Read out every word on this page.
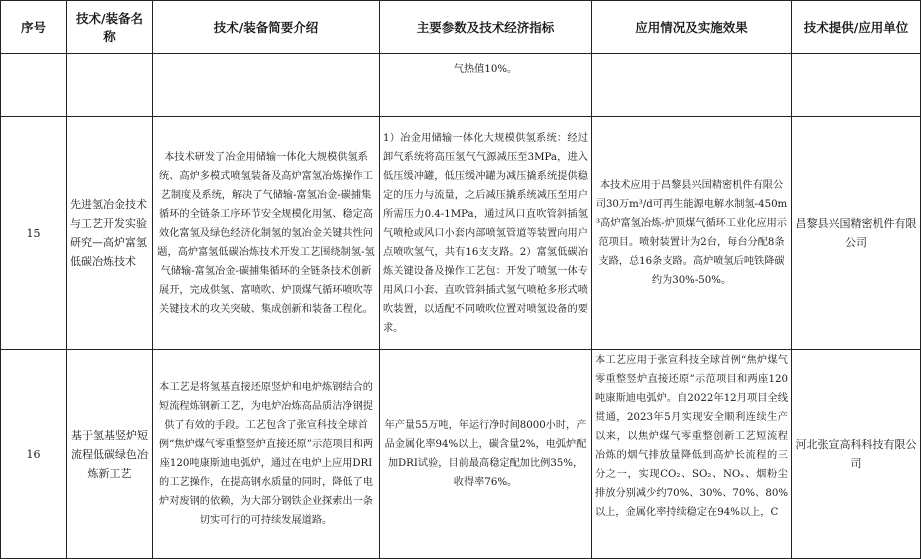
序号	技术/装备名称	技术/装备简要介绍	主要参数及技术经济指标	应用情况及实施效果	技术提供/应用单位
			气热值10%。		
15	先进氢冶金技术与工艺开发实验研究—高炉富氢低碳冶炼技术	本技术研发了冶金用储输一体化大规模供氢系统、高炉多模式喷氢装备及高炉富氢冶炼操作工艺制度及系统，解决了气储输-富氢冶金-碳捕集循环的全链条工序环节安全规模化用氢、稳定高效化富氢及绿色经济化制氢的氢冶金关键共性问题，高炉富氢低碳冶炼技术开发工艺围绕制氢-氢气储输-富氢冶金-碳捕集循环的全链条技术创新展开，完成供氢、富喷吹、炉顶煤气循环喷吹等关键技术的攻关突破、集成创新和装备工程化。	1）冶金用储输一体化大规模供氢系统：经过卸气系统将高压氢气气源减压至3MPa，进入低压缓冲罐，低压缓冲罐为减压撬系统提供稳定的压力与流量，之后减压撬系统减压至用户所需压力0.4-1MPa，通过风口直吹管斜插氢气喷枪或风口小套内部喷氢管道等装置向用户点喷吹氢气，共有16支支路。2）富氢低碳冶炼关键设备及操作工艺包：开发了喷氢一体专用风口小套、直吹管斜插式氢气喷枪多形式喷吹装置，以适配不同喷吹位置对喷氢设备的要求。	本技术应用于昌黎县兴国精密机件有限公司30万m³/d可再生能源电解水制氢-450m³高炉富氢冶炼-炉顶煤气循环工业化应用示范项目。喷射装置计为2台，每台分配8条支路，总16条支路。高炉喷氢后吨铁降碳约为30%-50%。	昌黎县兴国精密机件有限公司
16	基于氢基竖炉短流程低碳绿色冶炼新工艺	本工艺是将氢基直接还原竖炉和电炉炼钢结合的短流程炼钢新工艺，为电炉冶炼高品质洁净钢提供了有效的手段。工艺包含了张宣科技全球首例“焦炉煤气零重整竖炉直接还原”示范项目和两座120吨康斯迪电弧炉，通过在电炉上应用DRI的工艺操作，在提高钢水质量的同时，降低了电炉对废钢的依赖，为大部分钢铁企业探索出一条切实可行的可持续发展道路。	年产量55万吨，年运行净时间8000小时，产品金属化率94%以上，碳含量2%，电弧炉配加DRI试验，目前最高稳定配加比例35%，收得率76%。	本工艺应用于张宣科技全球首例“焦炉煤气零重整竖炉直接还原”示范项目和两座120吨康斯迪电弧炉。自2022年12月项目全线贯通，2023年5月实现安全顺利连续生产以来，以焦炉煤气零重整创新工艺短流程冶炼的烟气排放量降低到高炉长流程的三分之一，实现CO₂、SO₂、NOₓ、烟粉尘排放分别减少约70%、30%、70%、80%以上，金属化率持续稳定在94%以上，C	河北张宣高科科技有限公司
